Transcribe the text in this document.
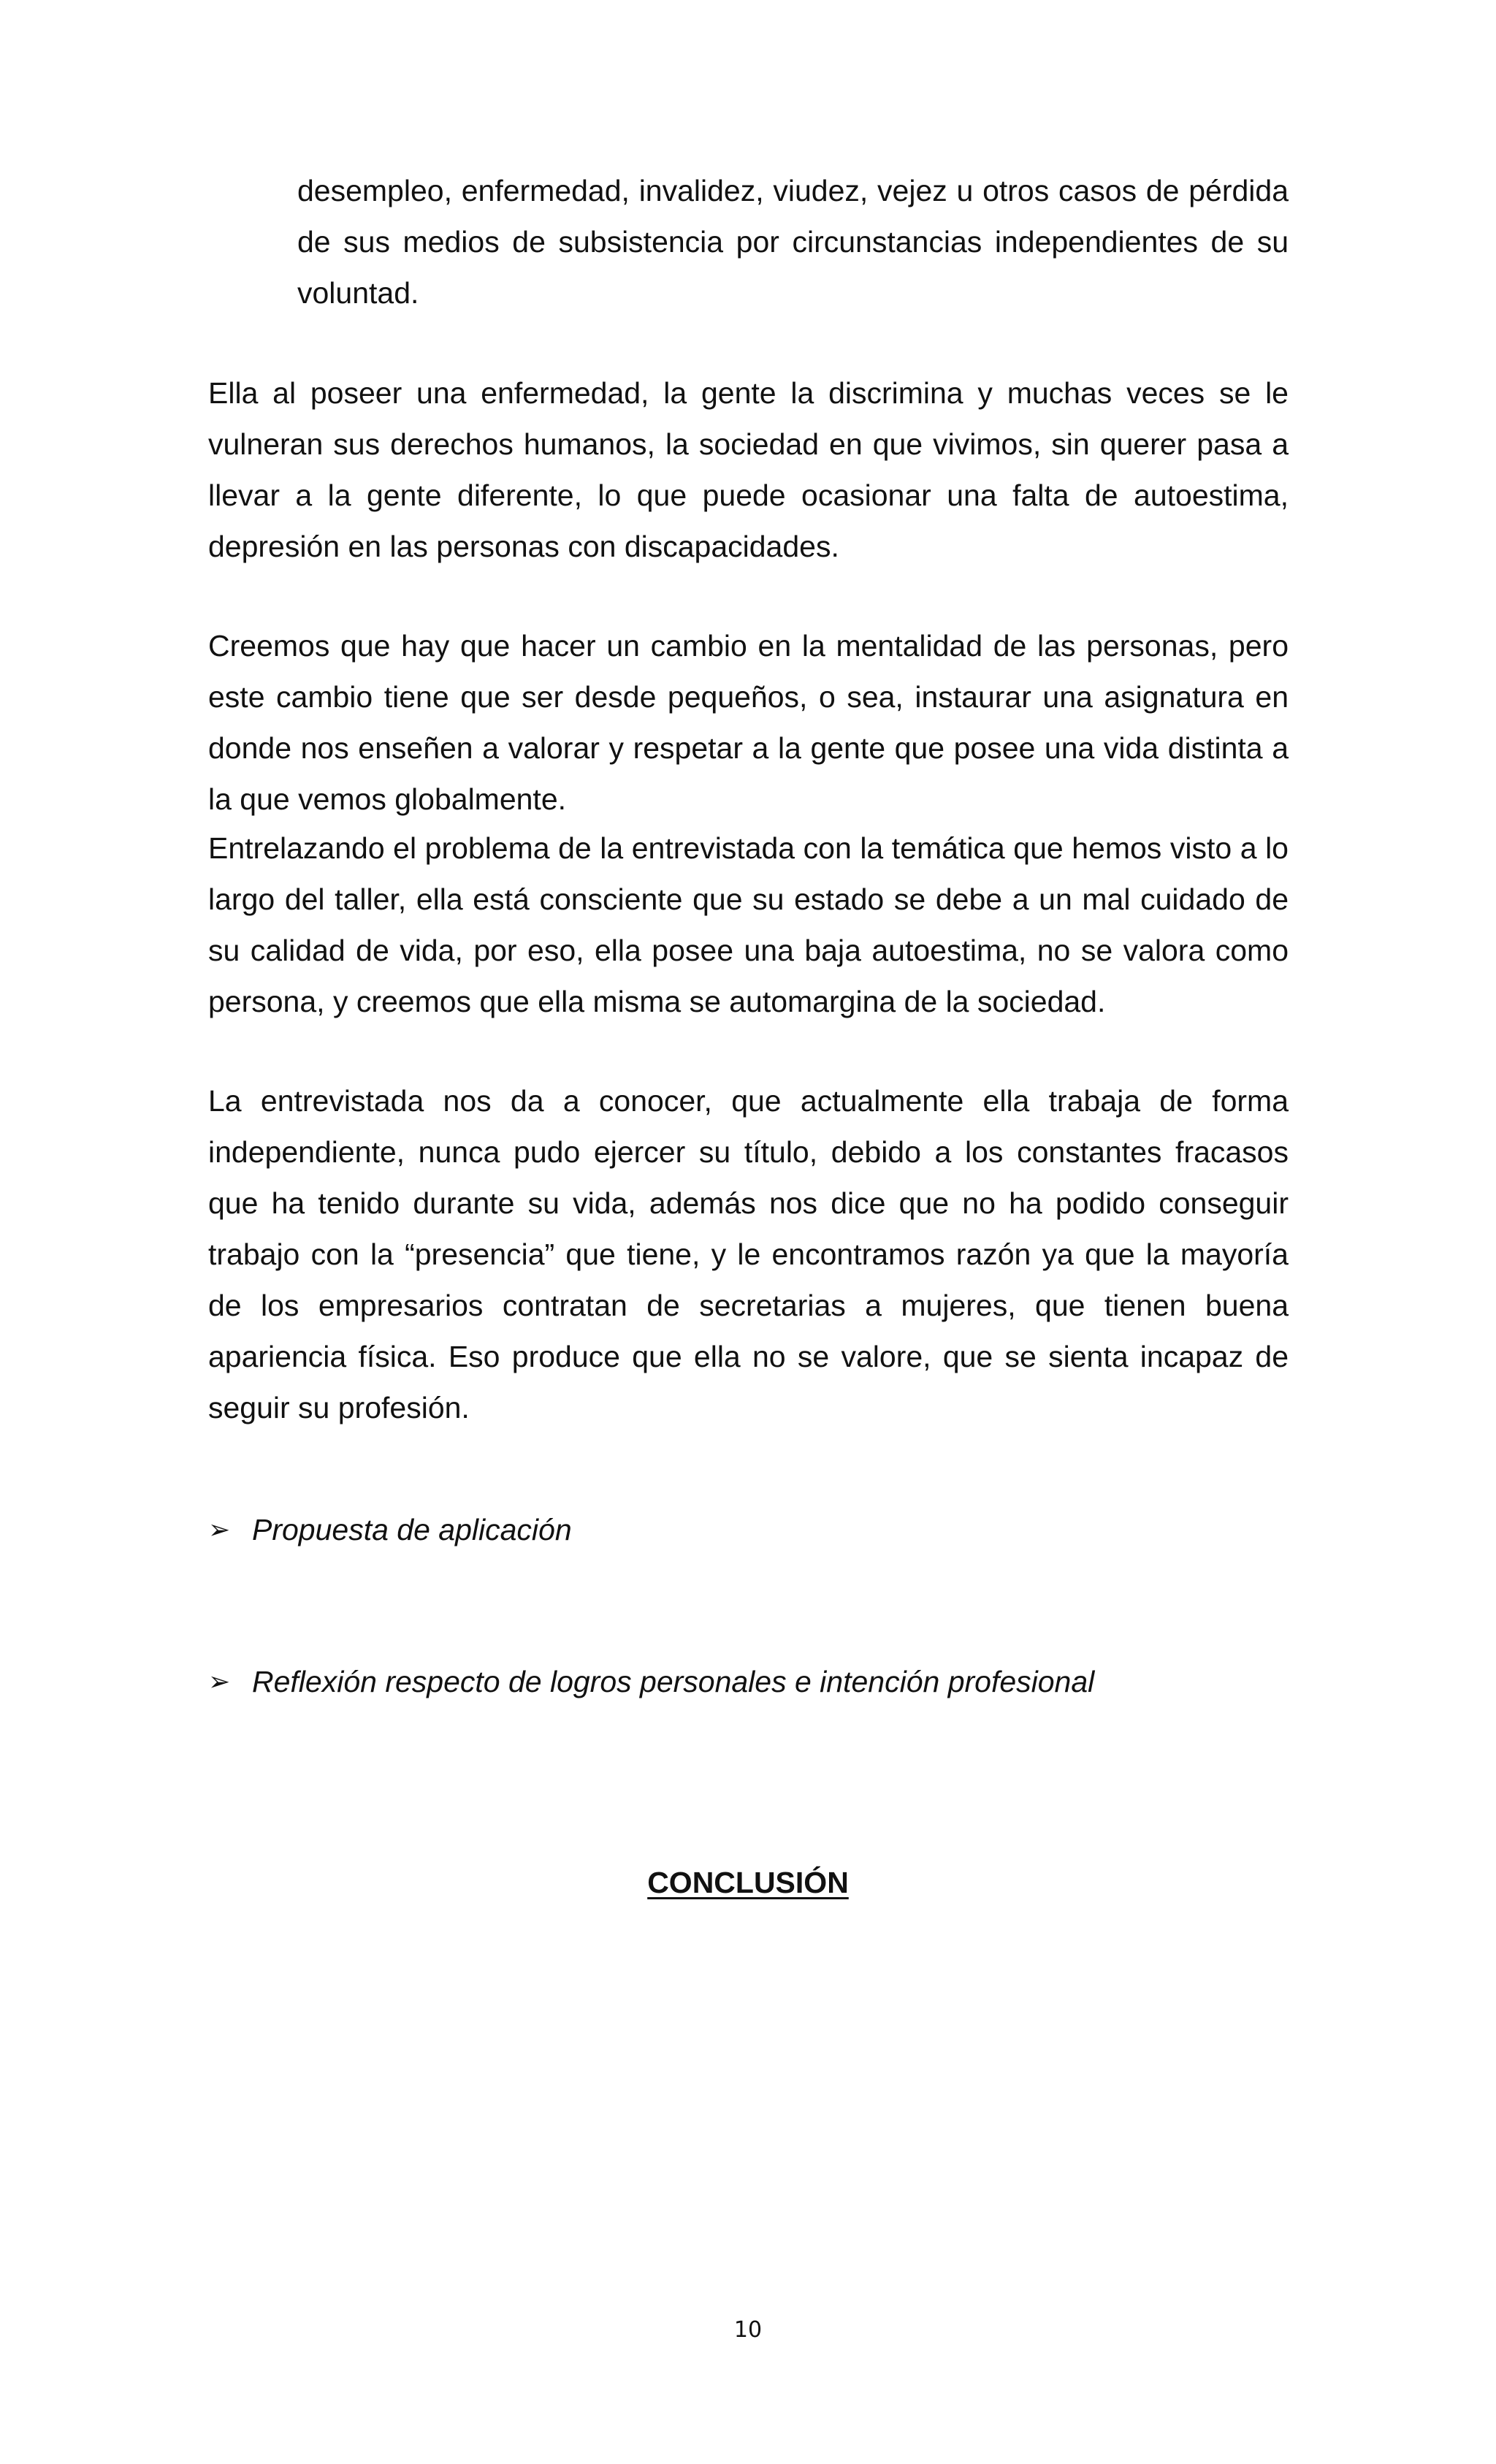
desempleo, enfermedad, invalidez, viudez, vejez u otros casos de pérdida de sus medios de subsistencia por circunstancias independientes de su voluntad.

Ella al poseer una enfermedad, la gente la discrimina y muchas veces se le vulneran sus derechos humanos, la sociedad en que vivimos, sin querer pasa a llevar a la gente diferente, lo que puede ocasionar una falta de autoestima, depresión en las personas con discapacidades.

Creemos que hay que hacer un cambio en la mentalidad de las personas, pero este cambio tiene que ser desde pequeños, o sea, instaurar una asignatura en donde nos enseñen a valorar y respetar a la gente que posee una vida distinta a la que vemos globalmente.

Entrelazando el problema de la entrevistada con la temática que hemos visto a lo largo del taller, ella está consciente que su estado se debe a un mal cuidado de su calidad de vida, por eso, ella posee una baja autoestima, no se valora como persona, y creemos que ella misma se automargina de la sociedad.

La entrevistada nos da a conocer, que actualmente ella trabaja de forma independiente, nunca pudo ejercer su título, debido a los constantes fracasos que ha tenido durante su vida, además nos dice que no ha podido conseguir trabajo con la “presencia” que tiene, y le encontramos razón ya que la mayoría de los empresarios contratan de secretarias a mujeres, que tienen buena apariencia física. Eso produce que ella no se valore, que se sienta incapaz de seguir su profesión.

➢ Propuesta de aplicación
➢ Reflexión respecto de logros personales e intención profesional
CONCLUSIÓN
10
